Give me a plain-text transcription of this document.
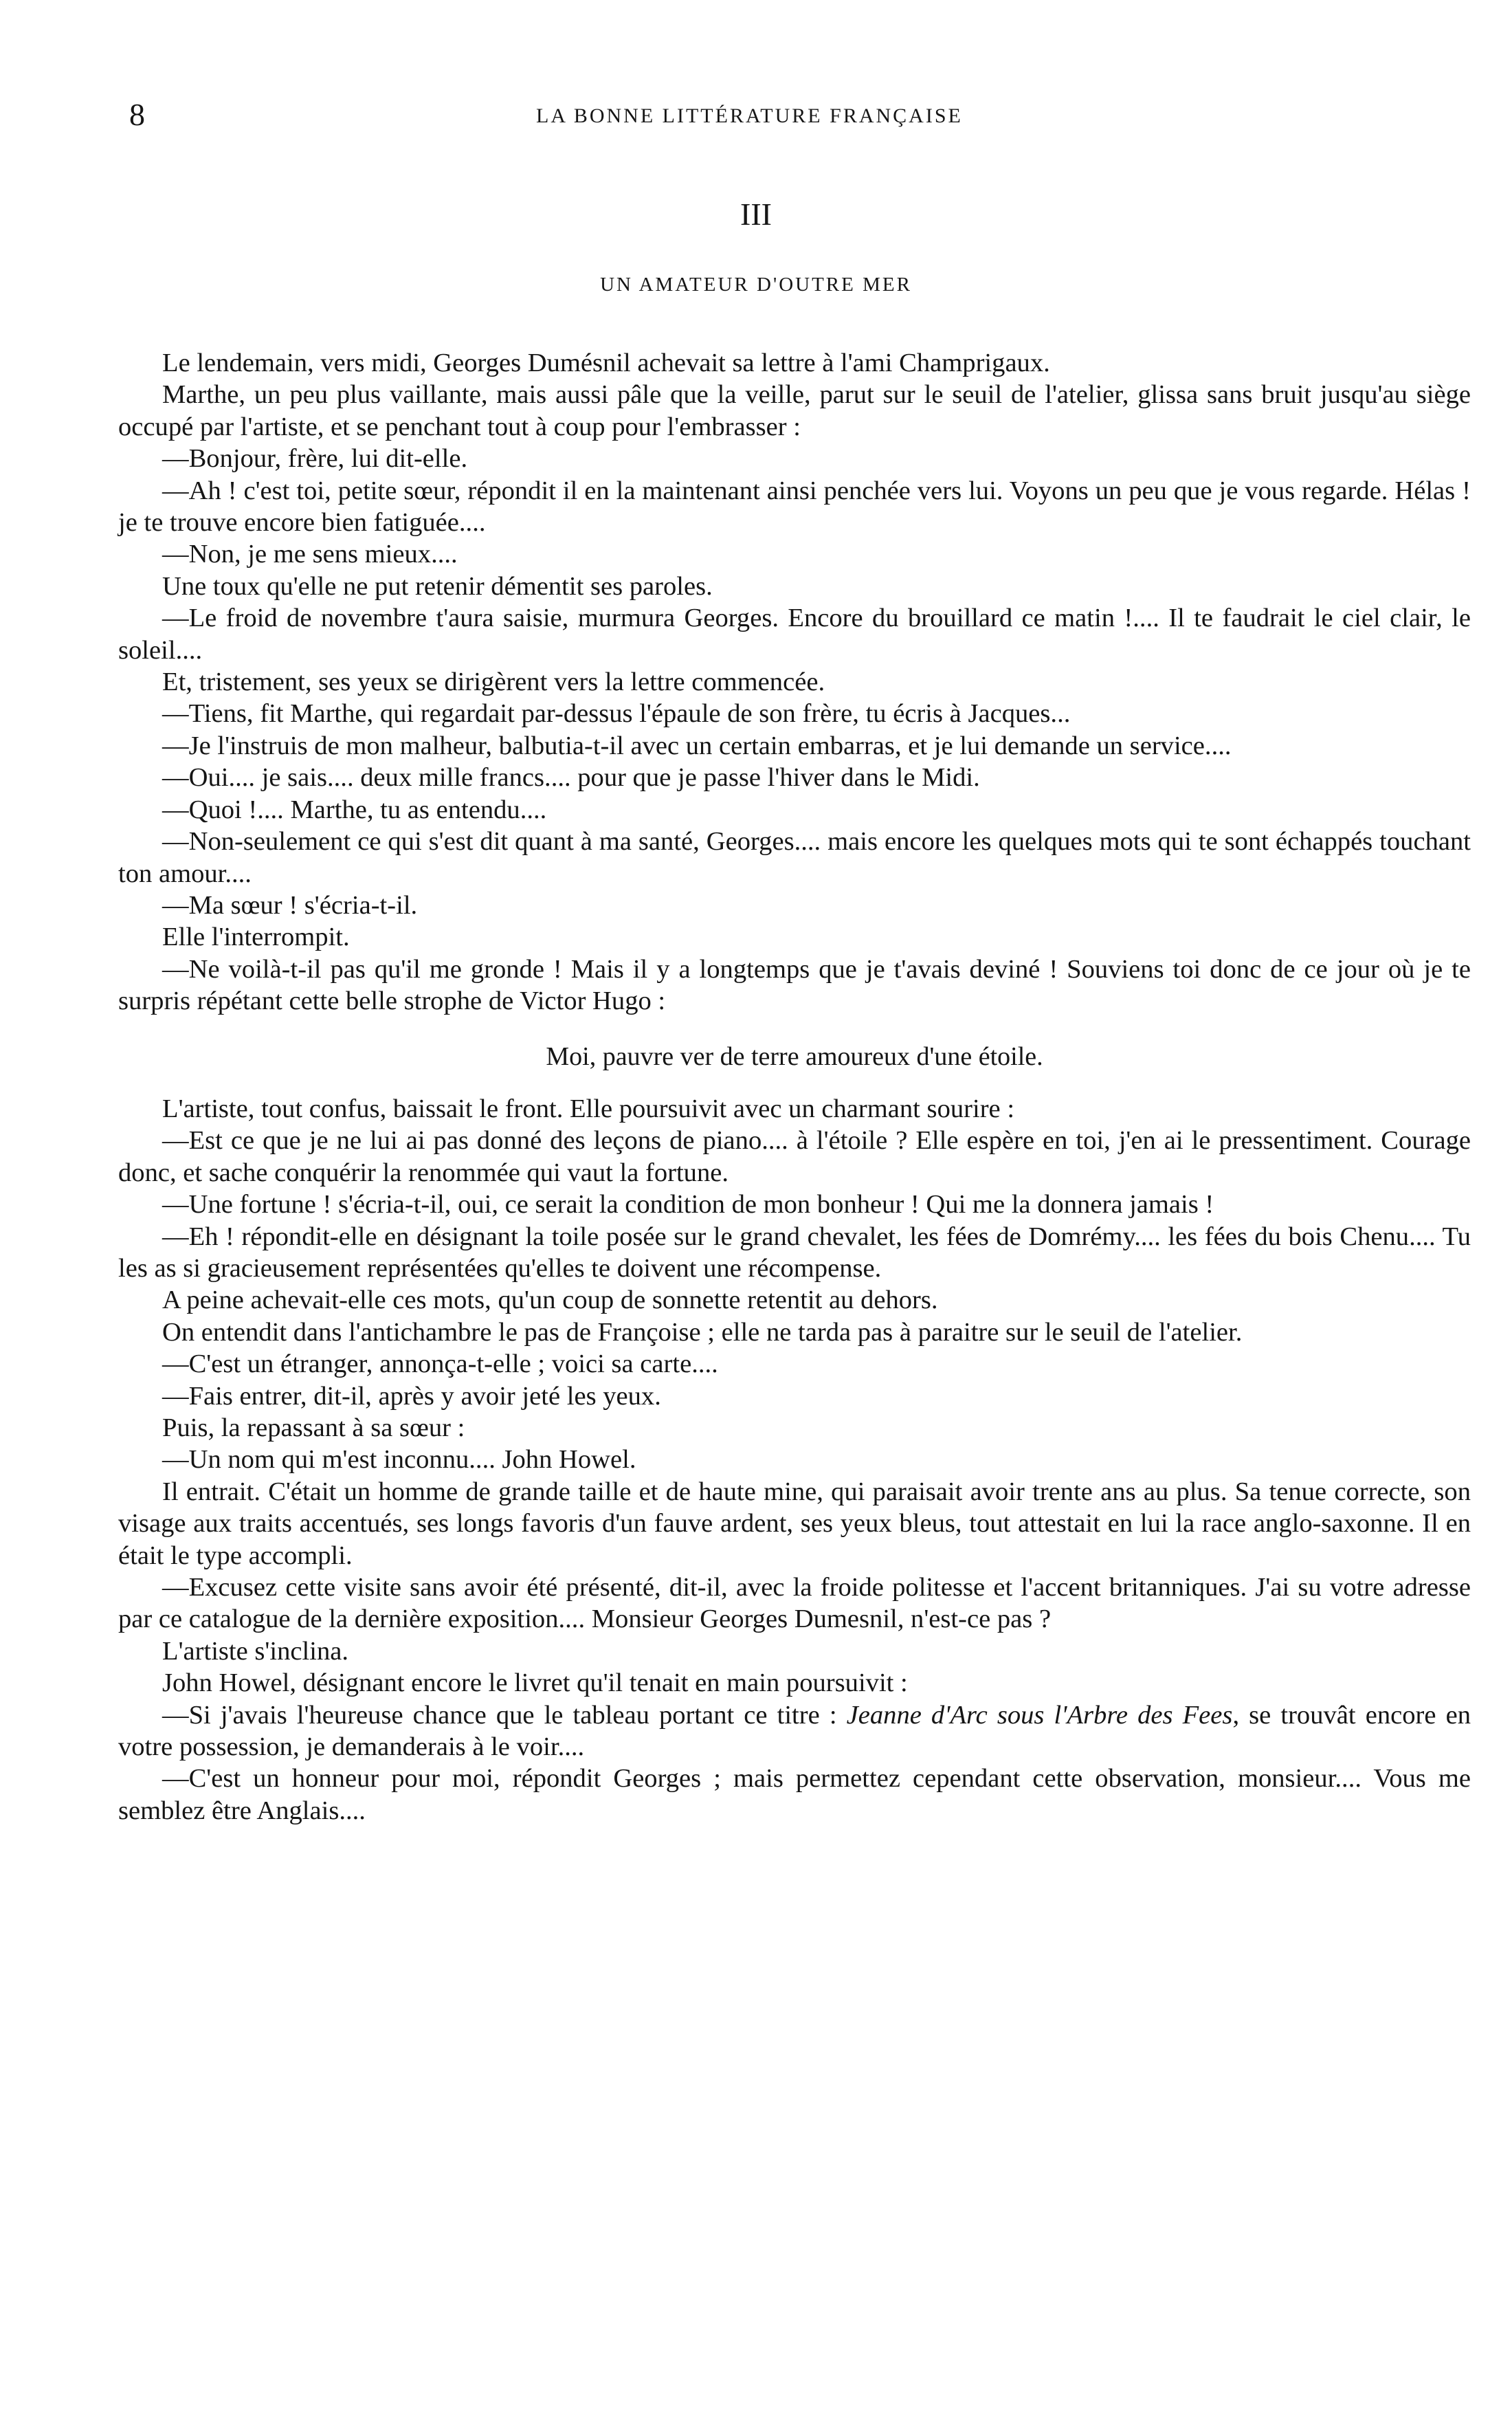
8	LA BONNE LITTÉRATURE FRANÇAISE
III
UN AMATEUR D'OUTRE MER

Le lendemain, vers midi, Georges Dumésnil achevait sa lettre à l'ami Champrigaux.

Marthe, un peu plus vaillante, mais aussi pâle que la veille, parut sur le seuil de l'atelier, glissa sans bruit jusqu'au siège occupé par l'artiste, et se penchant tout à coup pour l'embrasser :

—Bonjour, frère, lui dit-elle.

—Ah ! c'est toi, petite sœur, répondit il en la maintenant ainsi penchée vers lui. Voyons un peu que je vous regarde. Hélas ! je te trouve encore bien fatiguée....

—Non, je me sens mieux....

Une toux qu'elle ne put retenir démentit ses paroles.

—Le froid de novembre t'aura saisie, murmura Georges. Encore du brouillard ce matin !.... Il te faudrait le ciel clair, le soleil....

Et, tristement, ses yeux se dirigèrent vers la lettre commencée.

—Tiens, fit Marthe, qui regardait par-dessus l'épaule de son frère, tu écris à Jacques...

—Je l'instruis de mon malheur, balbutia-t-il avec un certain embarras, et je lui demande un service....

—Oui.... je sais.... deux mille francs.... pour que je passe l'hiver dans le Midi.

—Quoi !.... Marthe, tu as entendu....

—Non-seulement ce qui s'est dit quant à ma santé, Georges.... mais encore les quelques mots qui te sont échappés touchant ton amour....

—Ma sœur ! s'écria-t-il.

Elle l'interrompit.

—Ne voilà-t-il pas qu'il me gronde ! Mais il y a longtemps que je t'avais deviné ! Souviens toi donc de ce jour où je te surpris répétant cette belle strophe de Victor Hugo :

Moi, pauvre ver de terre amoureux d'une étoile.

L'artiste, tout confus, baissait le front. Elle poursuivit avec un charmant sourire :

—Est ce que je ne lui ai pas donné des leçons de piano.... à l'étoile ? Elle espère en toi, j'en ai le pressentiment. Courage donc, et sache conquérir la renommée qui vaut la fortune.

—Une fortune ! s'écria-t-il, oui, ce serait la condition de mon bonheur ! Qui me la donnera jamais !

—Eh ! répondit-elle en désignant la toile posée sur le grand chevalet, les fées de Domrémy.... les fées du bois Chenu.... Tu les as si gracieusement représentées qu'elles te doivent une récompense.

A peine achevait-elle ces mots, qu'un coup de sonnette retentit au dehors.

On entendit dans l'antichambre le pas de Françoise ; elle ne tarda pas à paraitre sur le seuil de l'atelier.

—C'est un étranger, annonça-t-elle ; voici sa carte....

—Fais entrer, dit-il, après y avoir jeté les yeux.

Puis, la repassant à sa sœur :

—Un nom qui m'est inconnu.... John Howel.

Il entrait. C'était un homme de grande taille et de haute mine, qui paraisait avoir trente ans au plus. Sa tenue correcte, son visage aux traits accentués, ses longs favoris d'un fauve ardent, ses yeux bleus, tout attestait en lui la race anglo-saxonne. Il en était le type accompli.

—Excusez cette visite sans avoir été présenté, dit-il, avec la froide politesse et l'accent britanniques. J'ai su votre adresse par ce catalogue de la dernière exposition.... Monsieur Georges Dumesnil, n'est-ce pas ?

L'artiste s'inclina.

John Howel, désignant encore le livret qu'il tenait en main poursuivit :

—Si j'avais l'heureuse chance que le tableau portant ce titre : Jeanne d'Arc sous l'Arbre des Fees, se trouvât encore en votre possession, je demanderais à le voir....

—C'est un honneur pour moi, répondit Georges ; mais permettez cependant cette observation, monsieur.... Vous me semblez être Anglais....
